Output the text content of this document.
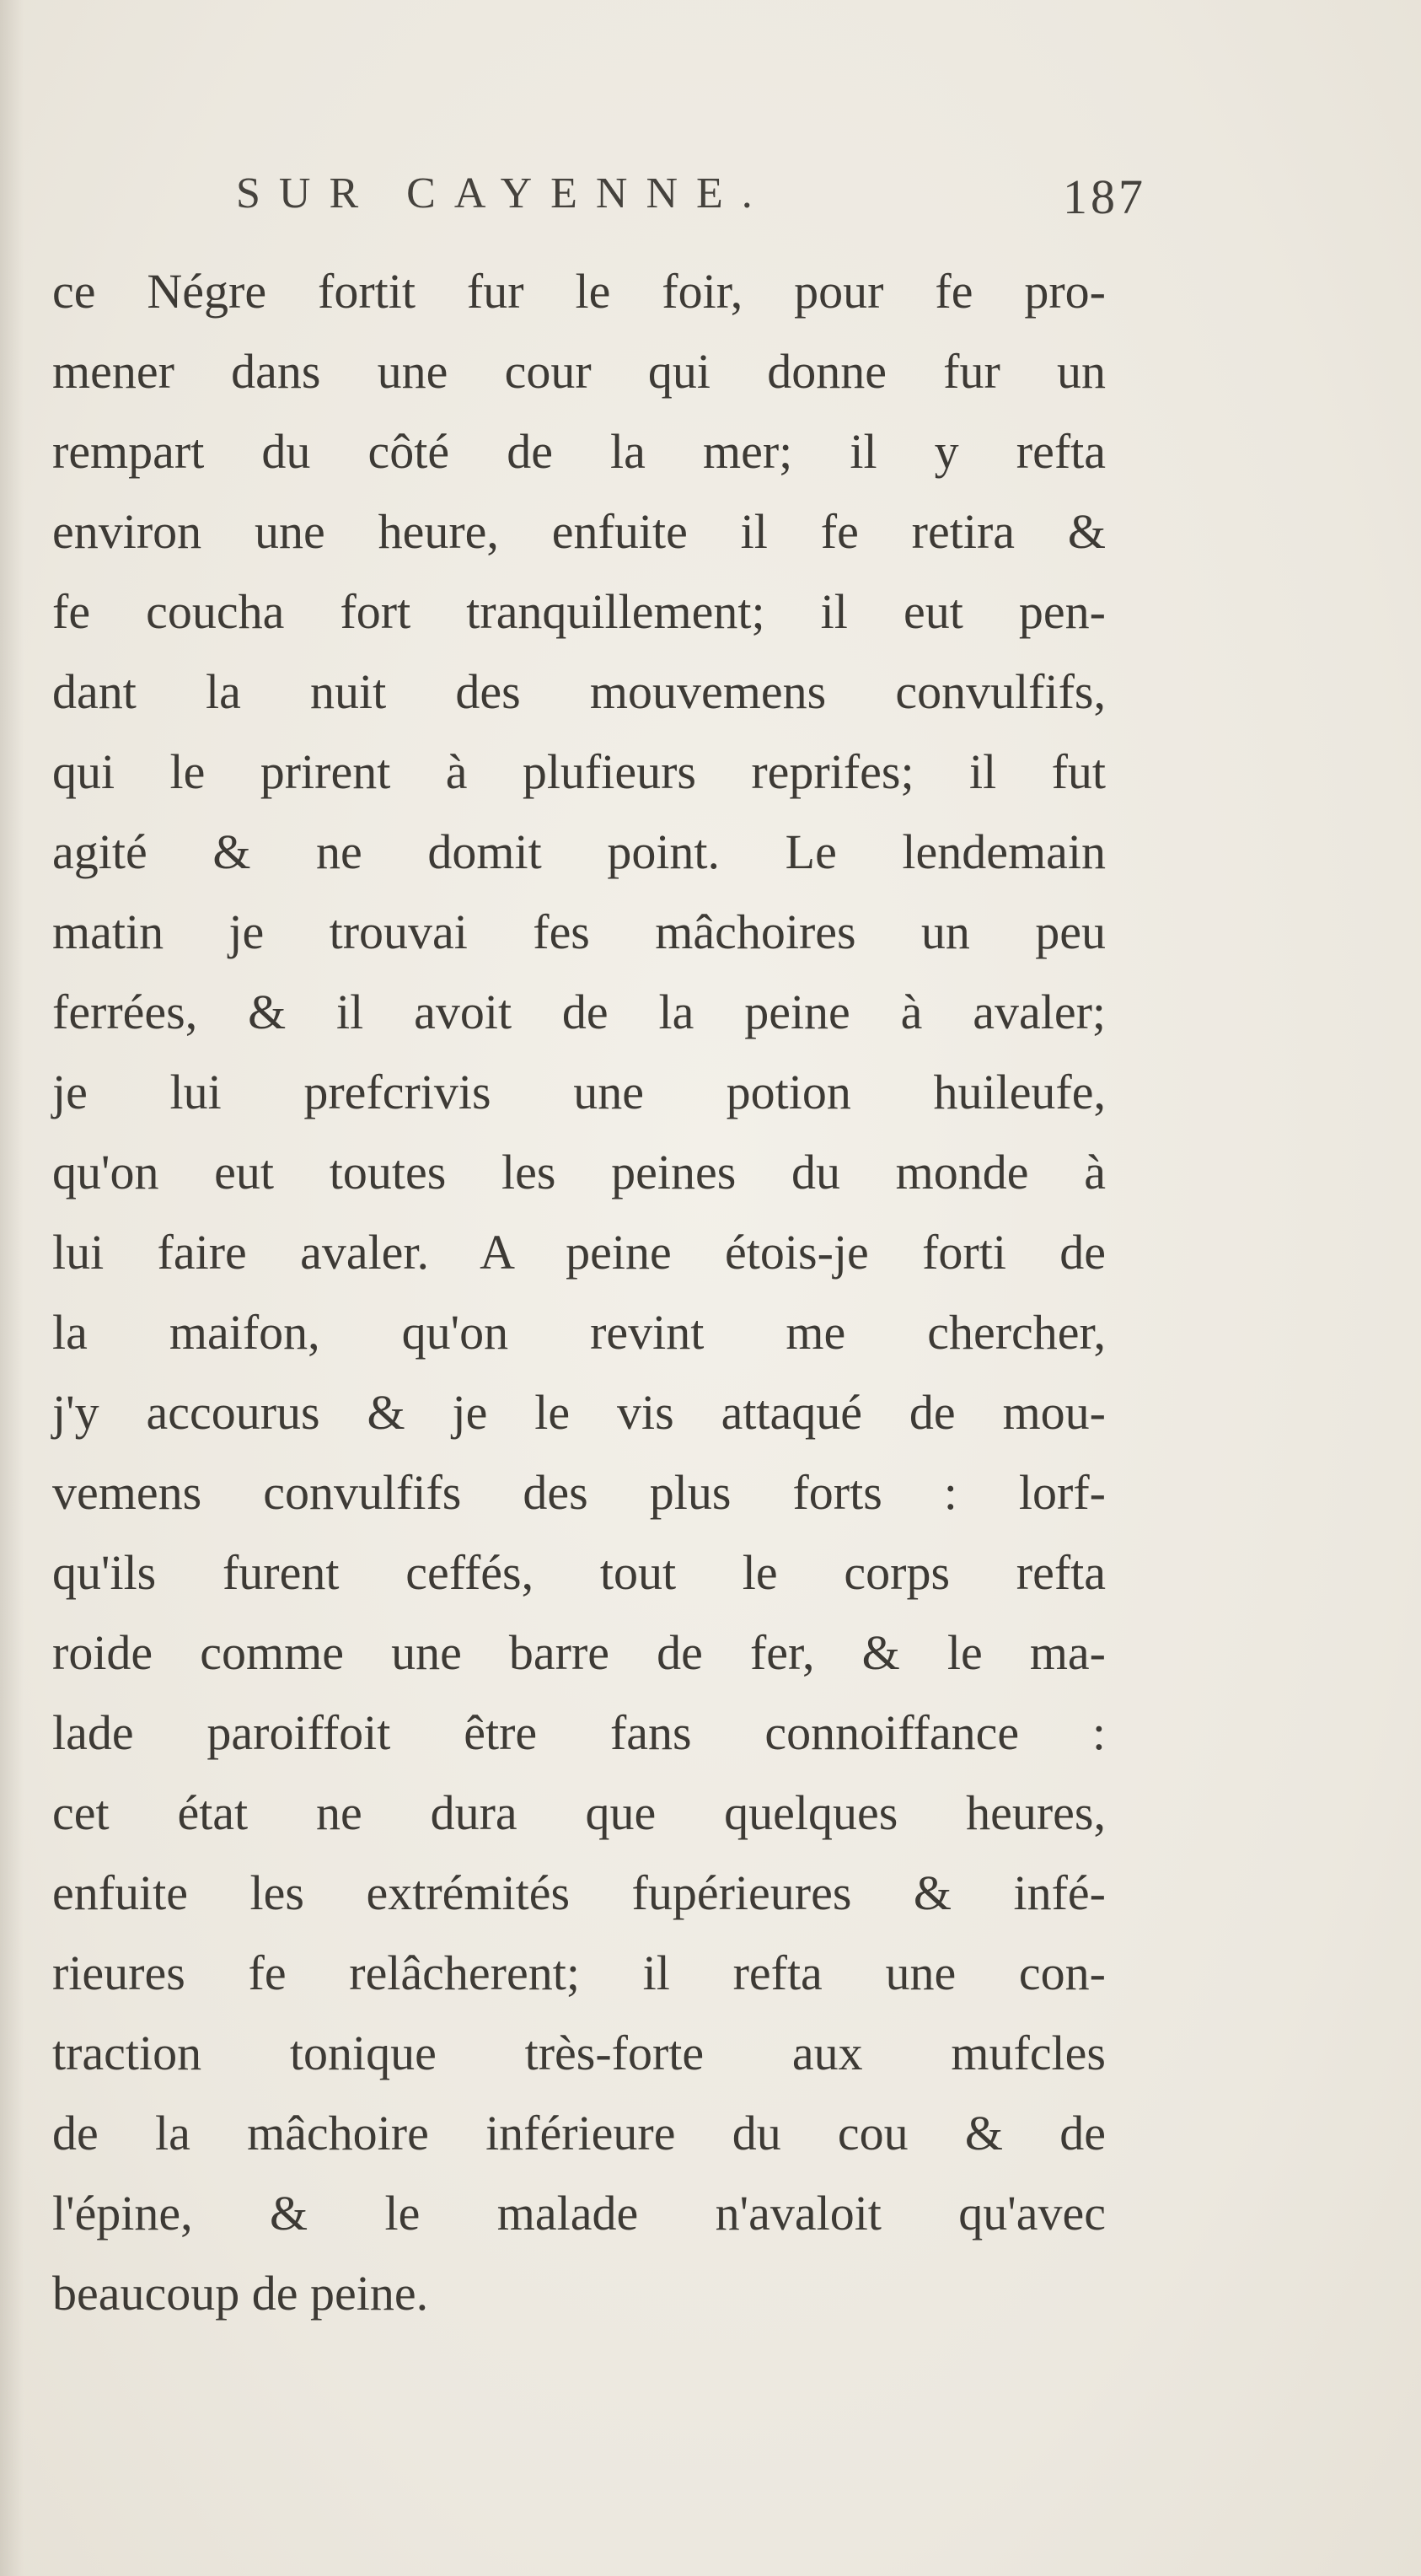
SUR CAYENNE.	187
ce Négre fortit fur le foir, pour fe pro-
mener dans une cour qui donne fur un
rempart du côté de la mer; il y refta
environ une heure, enfuite il fe retira &
fe coucha fort tranquillement; il eut pen-
dant la nuit des mouvemens convulfifs,
qui le prirent à plufieurs reprifes; il fut
agité & ne domit point. Le lendemain
matin je trouvai fes mâchoires un peu
ferrées, & il avoit de la peine à avaler;
je lui prefcrivis une potion huileufe,
qu'on eut toutes les peines du monde à
lui faire avaler. A peine étois-je forti de
la maifon, qu'on revint me chercher,
j'y accourus & je le vis attaqué de mou-
vemens convulfifs des plus forts : lorf-
qu'ils furent ceffés, tout le corps refta
roide comme une barre de fer, & le ma-
lade paroiffoit être fans connoiffance :
cet état ne dura que quelques heures,
enfuite les extrémités fupérieures & infé-
rieures fe relâcherent; il refta une con-
traction tonique très-forte aux mufcles
de la mâchoire inférieure du cou & de
l'épine, & le malade n'avaloit qu'avec
beaucoup de peine.
